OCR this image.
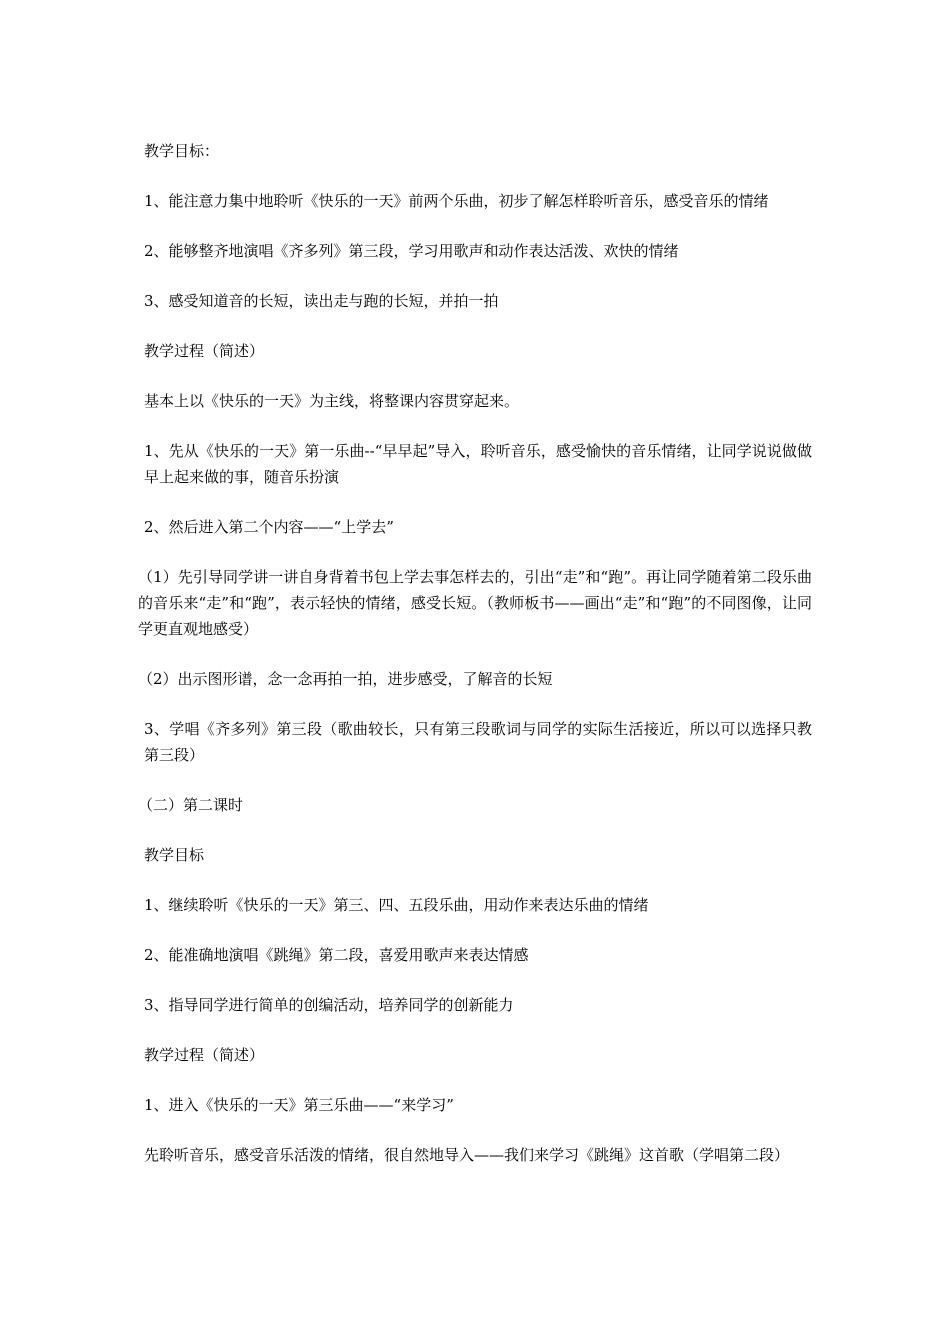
教学目标：

1、能注意力集中地聆听《快乐的一天》前两个乐曲，初步了解怎样聆听音乐，感受音乐的情绪

2、能够整齐地演唱《齐多列》第三段，学习用歌声和动作表达活泼、欢快的情绪

3、感受知道音的长短，读出走与跑的长短，并拍一拍

教学过程（简述）

基本上以《快乐的一天》为主线，将整课内容贯穿起来。

1、先从《快乐的一天》第一乐曲--“早早起”导入，聆听音乐，感受愉快的音乐情绪，让同学说说做做早上起来做的事，随音乐扮演

2、然后进入第二个内容——“上学去”

（1）先引导同学讲一讲自身背着书包上学去事怎样去的，引出“走”和“跑”。再让同学随着第二段乐曲的音乐来“走”和“跑”，表示轻快的情绪，感受长短。（教师板书——画出“走”和“跑”的不同图像，让同学更直观地感受）

（2）出示图形谱，念一念再拍一拍，进步感受，了解音的长短

3、学唱《齐多列》第三段（歌曲较长，只有第三段歌词与同学的实际生活接近，所以可以选择只教第三段）

（二）第二课时

教学目标

1、继续聆听《快乐的一天》第三、四、五段乐曲，用动作来表达乐曲的情绪

2、能准确地演唱《跳绳》第二段，喜爱用歌声来表达情感

3、指导同学进行简单的创编活动，培养同学的创新能力

教学过程（简述）

1、进入《快乐的一天》第三乐曲——“来学习”

先聆听音乐，感受音乐活泼的情绪，很自然地导入——我们来学习《跳绳》这首歌（学唱第二段）
